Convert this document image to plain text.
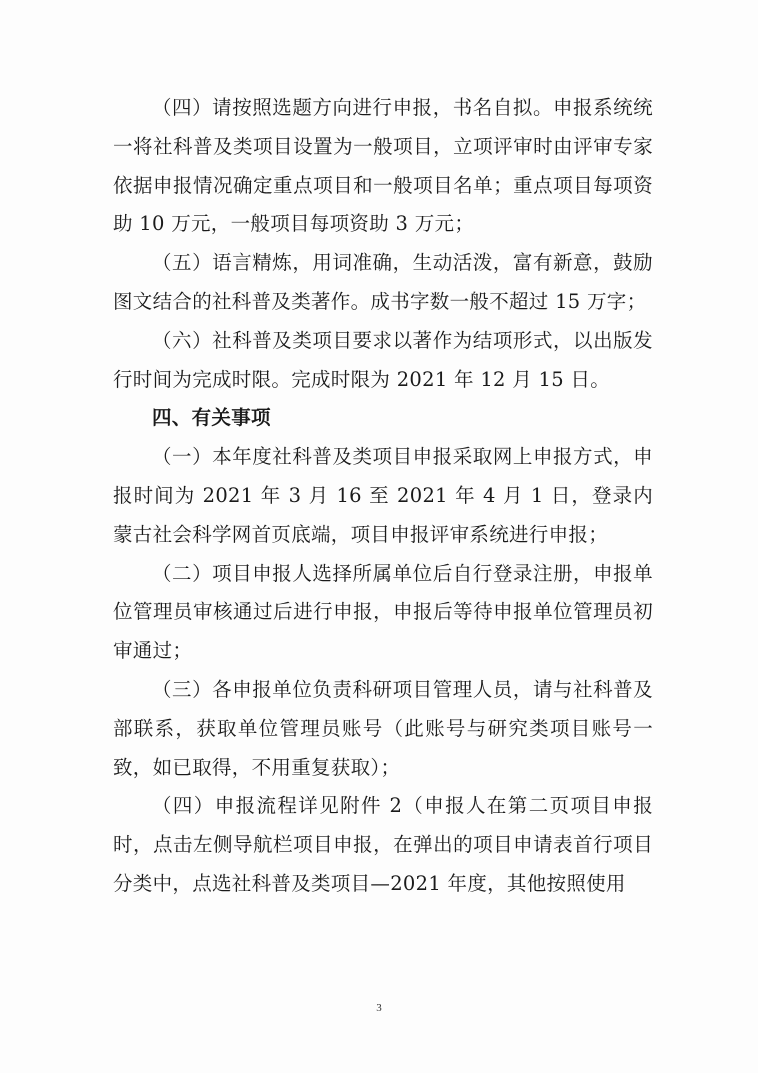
（四）请按照选题方向进行申报，书名自拟。申报系统统一将社科普及类项目设置为一般项目，立项评审时由评审专家依据申报情况确定重点项目和一般项目名单；重点项目每项资助 10 万元，一般项目每项资助 3 万元；

（五）语言精炼，用词准确，生动活泼，富有新意，鼓励图文结合的社科普及类著作。成书字数一般不超过 15 万字；

（六）社科普及类项目要求以著作为结项形式，以出版发行时间为完成时限。完成时限为 2021 年 12 月 15 日。

四、有关事项

（一）本年度社科普及类项目申报采取网上申报方式，申报时间为 2021 年 3 月 16 至 2021 年 4 月 1 日，登录内蒙古社会科学网首页底端，项目申报评审系统进行申报；

（二）项目申报人选择所属单位后自行登录注册，申报单位管理员审核通过后进行申报，申报后等待申报单位管理员初审通过；

（三）各申报单位负责科研项目管理人员，请与社科普及部联系，获取单位管理员账号（此账号与研究类项目账号一致，如已取得，不用重复获取）；

（四）申报流程详见附件 2（申报人在第二页项目申报时，点击左侧导航栏项目申报，在弹出的项目申请表首行项目分类中，点选社科普及类项目—2021 年度，其他按照使用

3
